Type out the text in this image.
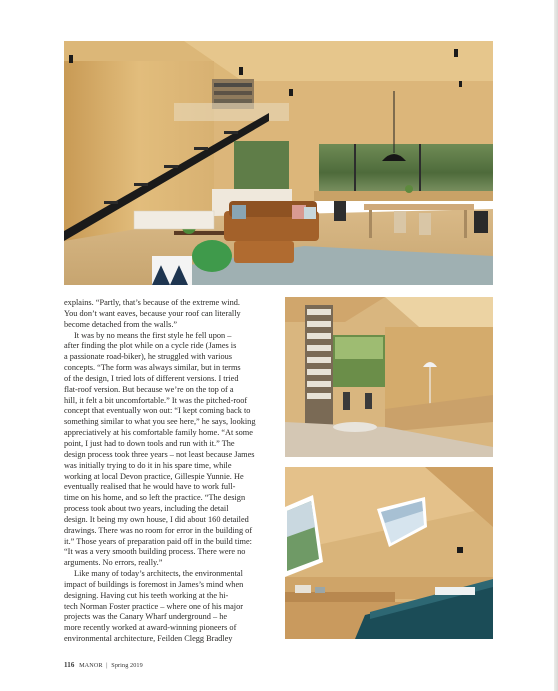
explains. “Partly, that’s because of the extreme wind.

You don’t want eaves, because your roof can literally

become detached from the walls.”

It was by no means the first style he fell upon –

after finding the plot while on a cycle ride (James is

a passionate road-biker), he struggled with various

concepts. “The form was always similar, but in terms

of the design, I tried lots of different versions. I tried

flat-roof version. But because we’re on the top of a

hill, it felt a bit uncomfortable.” It was the pitched-roof

concept that eventually won out: “I kept coming back to

something similar to what you see here,” he says, looking

appreciatively at his comfortable family home. “At some

point, I just had to down tools and run with it.” The

design process took three years – not least because James

was initially trying to do it in his spare time, while

working at local Devon practice, Gillespie Yunnie. He

eventually realised that he would have to work full-

time on his home, and so left the practice. “The design

process took about two years, including the detail

design. It being my own house, I did about 160 detailed

drawings. There was no room for error in the building of

it.” Those years of preparation paid off in the build time:

“It was a very smooth building process. There were no

arguments. No errors, really.”

Like many of today’s architects, the environmental

impact of buildings is foremost in James’s mind when

designing. Having cut his teeth working at the hi-

tech Norman Foster practice – where one of his major

projects was the Canary Wharf underground – he

more recently worked at award-winning pioneers of

environmental architecture, Feilden Clegg Bradley

116 MANOR | Spring 2019
